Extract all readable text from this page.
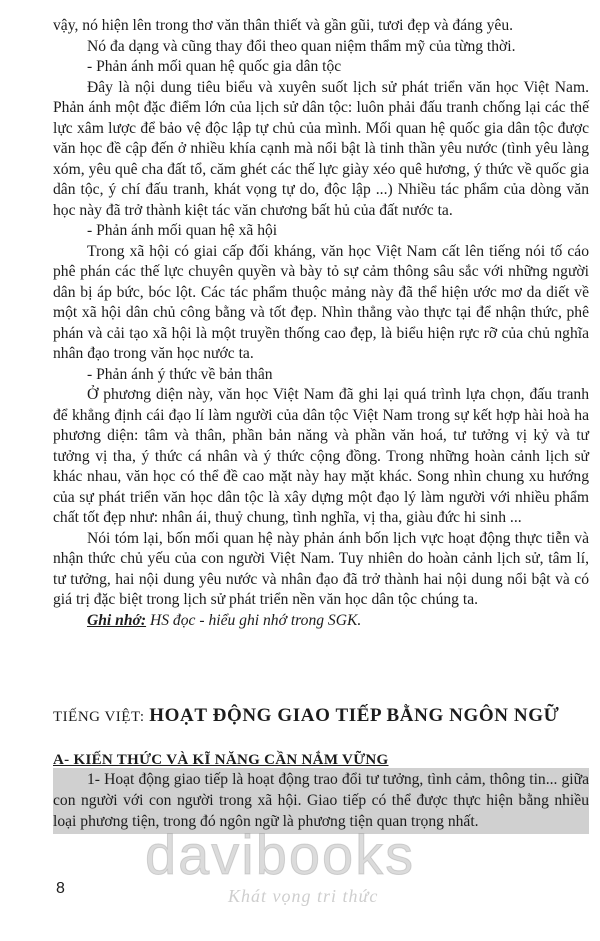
vậy, nó hiện lên trong thơ văn thân thiết và gần gũi, tươi đẹp và đáng yêu.

Nó đa dạng và cũng thay đổi theo quan niệm thẩm mỹ của từng thời.

- Phản ánh mối quan hệ quốc gia dân tộc

Đây là nội dung tiêu biểu và xuyên suốt lịch sử phát triển văn học Việt Nam. Phản ánh một đặc điểm lớn của lịch sử dân tộc: luôn phải đấu tranh chống lại các thế lực xâm lược để bảo vệ độc lập tự chủ của mình. Mối quan hệ quốc gia dân tộc được văn học đề cập đến ở nhiều khía cạnh mà nổi bật là tinh thần yêu nước (tình yêu làng xóm, yêu quê cha đất tổ, căm ghét các thế lực giày xéo quê hương, ý thức về quốc gia dân tộc, ý chí đấu tranh, khát vọng tự do, độc lập ...) Nhiều tác phẩm của dòng văn học này đã trở thành kiệt tác văn chương bất hủ của đất nước ta.

- Phản ánh mối quan hệ xã hội

Trong xã hội có giai cấp đối kháng, văn học Việt Nam cất lên tiếng nói tố cáo phê phán các thế lực chuyên quyền và bày tỏ sự cảm thông sâu sắc với những người dân bị áp bức, bóc lột. Các tác phẩm thuộc mảng này đã thể hiện ước mơ da diết về một xã hội dân chủ công bằng và tốt đẹp. Nhìn thẳng vào thực tại để nhận thức, phê phán và cải tạo xã hội là một truyền thống cao đẹp, là biểu hiện rực rỡ của chủ nghĩa nhân đạo trong văn học nước ta.

- Phản ánh ý thức về bản thân

Ở phương diện này, văn học Việt Nam đã ghi lại quá trình lựa chọn, đấu tranh để khẳng định cái đạo lí làm người của dân tộc Việt Nam trong sự kết hợp hài hoà ha phương diện: tâm và thân, phần bản năng và phần văn hoá, tư tưởng vị kỷ và tư tưởng vị tha, ý thức cá nhân và ý thức cộng đồng. Trong những hoàn cảnh lịch sử khác nhau, văn học có thể đề cao mặt này hay mặt khác. Song nhìn chung xu hướng của sự phát triển văn học dân tộc là xây dựng một đạo lý làm người với nhiều phẩm chất tốt đẹp như: nhân ái, thuỷ chung, tình nghĩa, vị tha, giàu đức hi sinh ...

Nói tóm lại, bốn mối quan hệ này phản ánh bốn lịch vực hoạt động thực tiễn và nhận thức chủ yếu của con người Việt Nam. Tuy nhiên do hoàn cảnh lịch sử, tâm lí, tư tưởng, hai nội dung yêu nước và nhân đạo đã trở thành hai nội dung nổi bật và có giá trị đặc biệt trong lịch sử phát triển nền văn học dân tộc chúng ta.

Ghi nhớ: HS đọc - hiểu ghi nhớ trong SGK.

TIẾNG VIỆT: HOẠT ĐỘNG GIAO TIẾP BẰNG NGÔN NGỮ
A- KIẾN THỨC VÀ KĨ NĂNG CẦN NẮM VỮNG

1- Hoạt động giao tiếp là hoạt động trao đổi tư tưởng, tình cảm, thông tin... giữa con người với con người trong xã hội. Giao tiếp có thể được thực hiện bằng nhiều loại phương tiện, trong đó ngôn ngữ là phương tiện quan trọng nhất.

8
davibooks
Khát vọng tri thức
